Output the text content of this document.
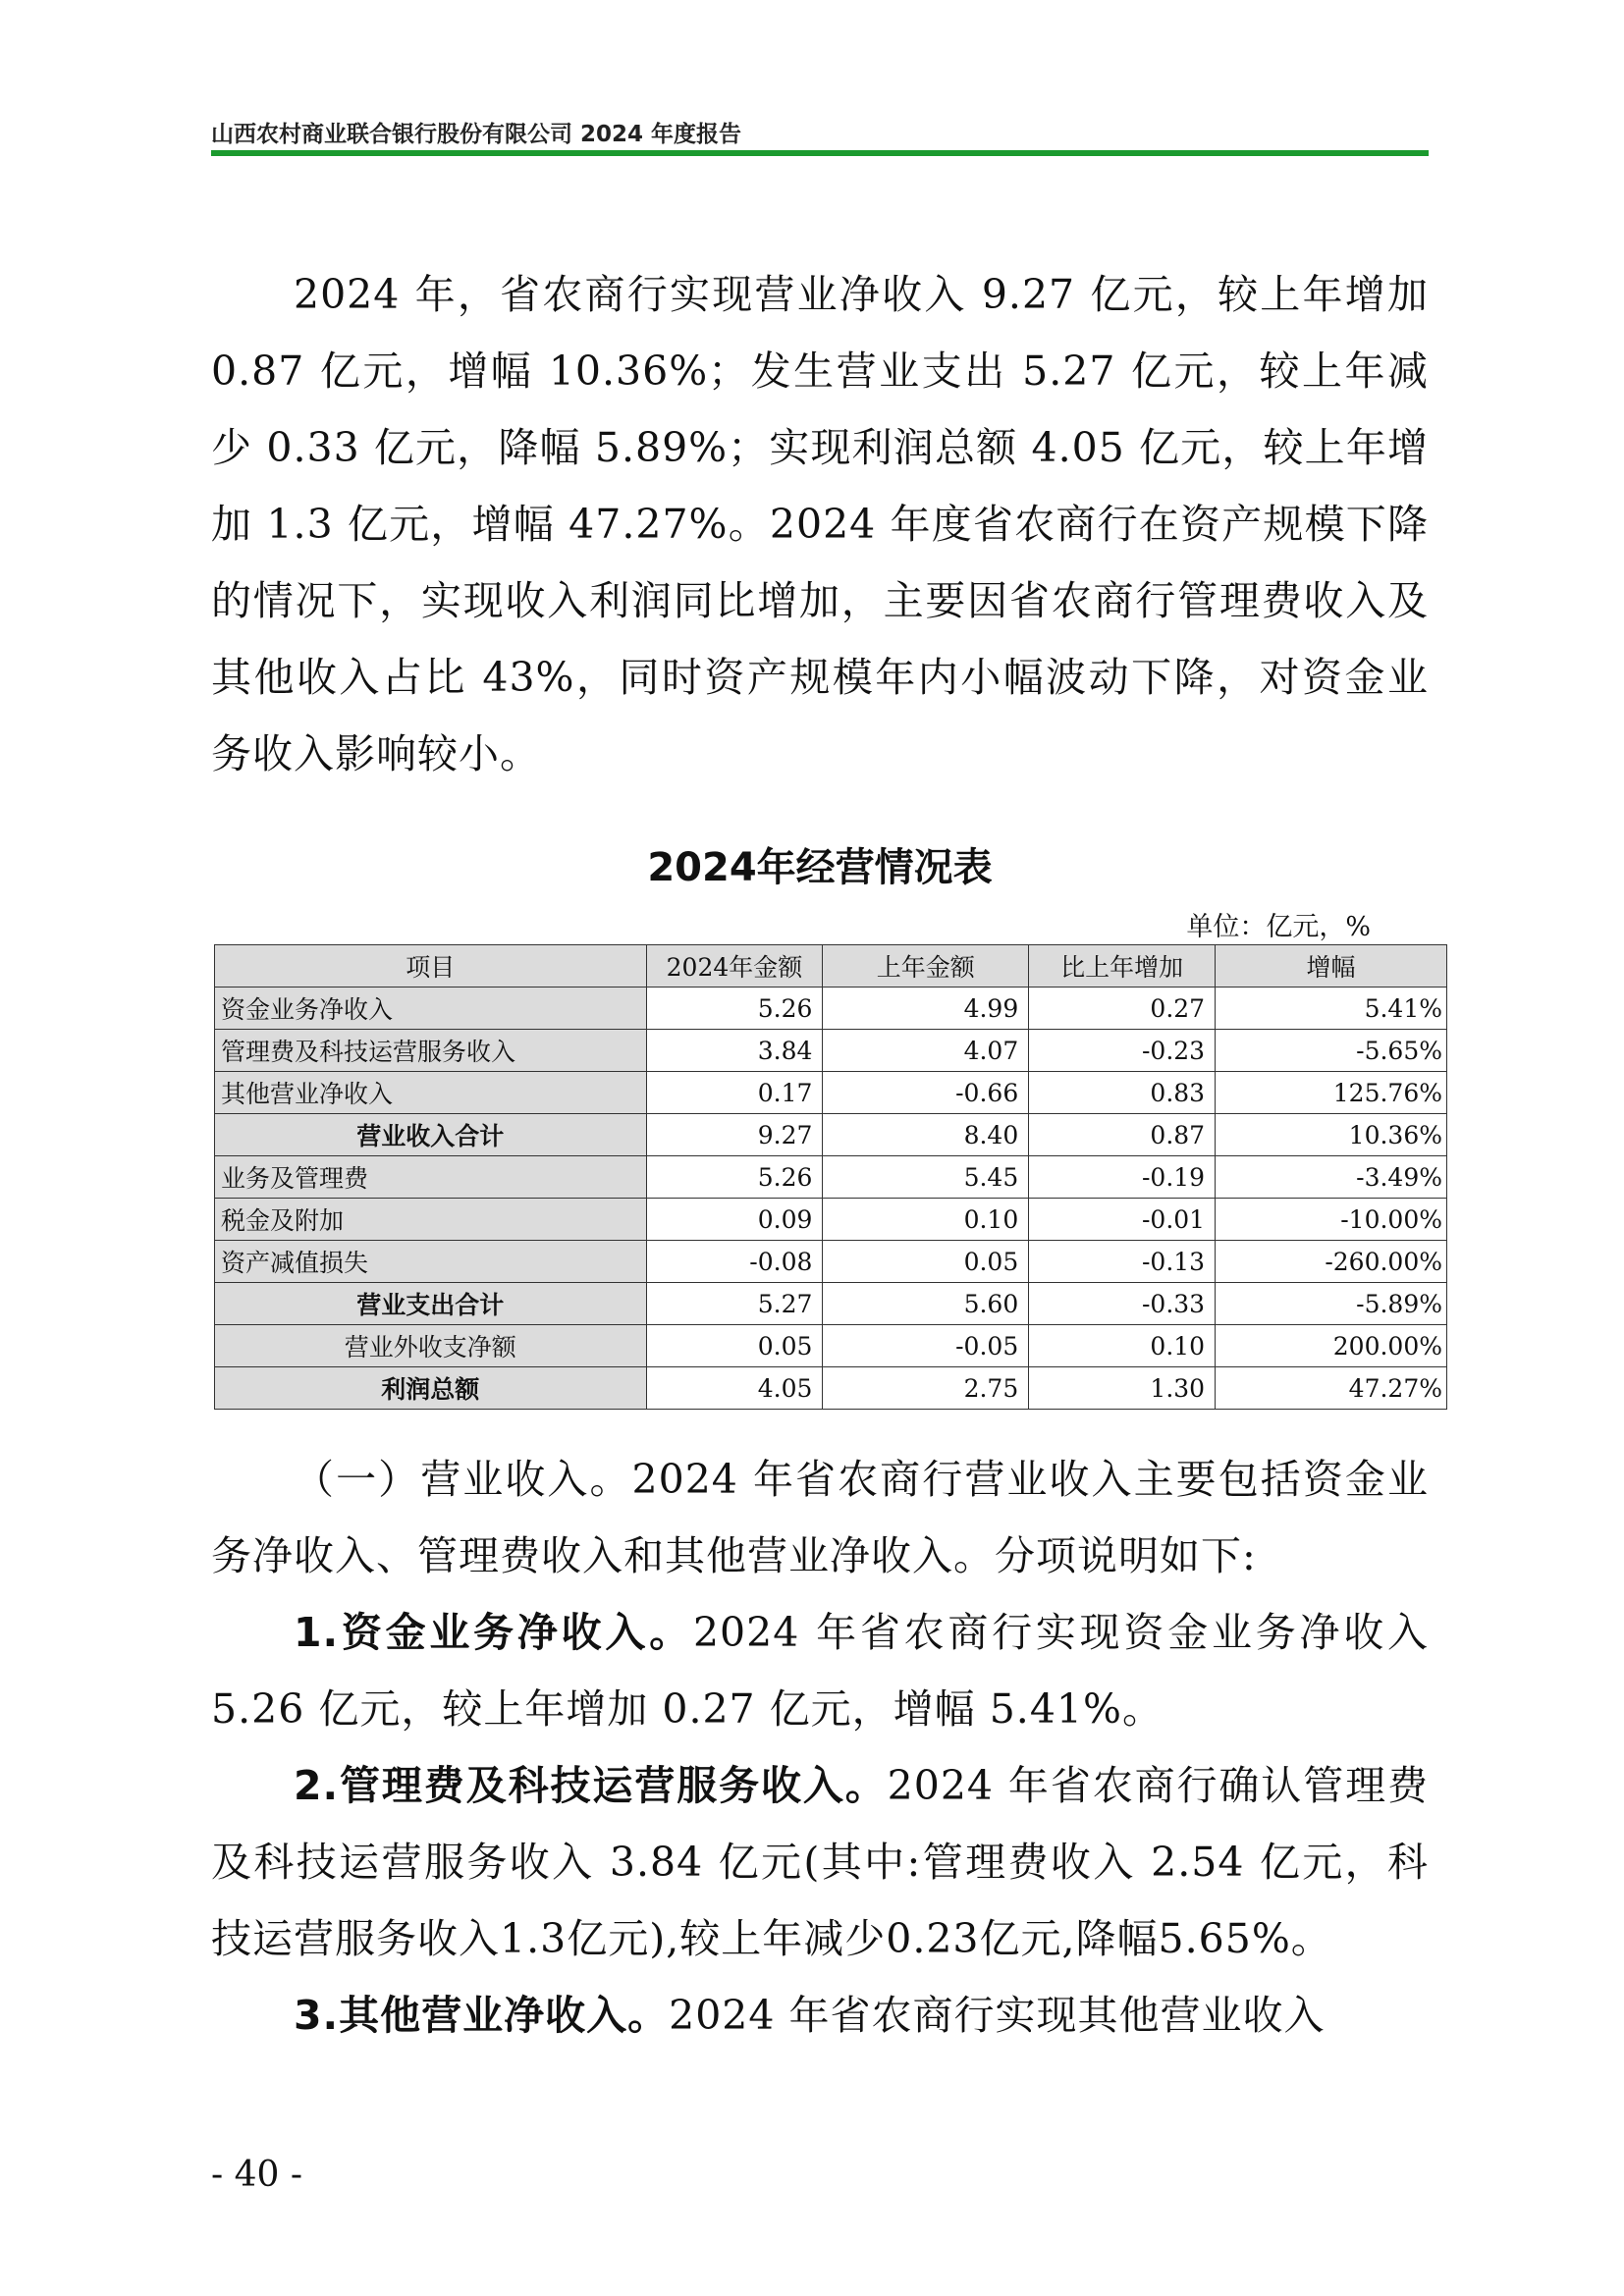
山西农村商业联合银行股份有限公司 2024 年度报告
2024 年，省农商行实现营业净收入 9.27 亿元，较上年增加 0.87 亿元，增幅 10.36%；发生营业支出 5.27 亿元，较上年减少 0.33 亿元，降幅 5.89%；实现利润总额 4.05 亿元，较上年增加 1.3 亿元，增幅 47.27%。2024 年度省农商行在资产规模下降的情况下，实现收入利润同比增加，主要因省农商行管理费收入及其他收入占比 43%，同时资产规模年内小幅波动下降，对资金业务收入影响较小。
2024年经营情况表
单位：亿元，%
项目	2024年金额	上年金额	比上年增加	增幅
资金业务净收入	5.26	4.99	0.27	5.41%
管理费及科技运营服务收入	3.84	4.07	-0.23	-5.65%
其他营业净收入	0.17	-0.66	0.83	125.76%
营业收入合计	9.27	8.40	0.87	10.36%
业务及管理费	5.26	5.45	-0.19	-3.49%
税金及附加	0.09	0.10	-0.01	-10.00%
资产减值损失	-0.08	0.05	-0.13	-260.00%
营业支出合计	5.27	5.60	-0.33	-5.89%
营业外收支净额	0.05	-0.05	0.10	200.00%
利润总额	4.05	2.75	1.30	47.27%
（一）营业收入。2024 年省农商行营业收入主要包括资金业务净收入、管理费收入和其他营业净收入。分项说明如下:
1.资金业务净收入。2024 年省农商行实现资金业务净收入 5.26 亿元，较上年增加 0.27 亿元，增幅 5.41%。
2.管理费及科技运营服务收入。2024 年省农商行确认管理费及科技运营服务收入 3.84 亿元(其中:管理费收入 2.54 亿元，科技运营服务收入1.3亿元),较上年减少0.23亿元,降幅5.65%。
3.其他营业净收入。2024 年省农商行实现其他营业收入
- 40 -
